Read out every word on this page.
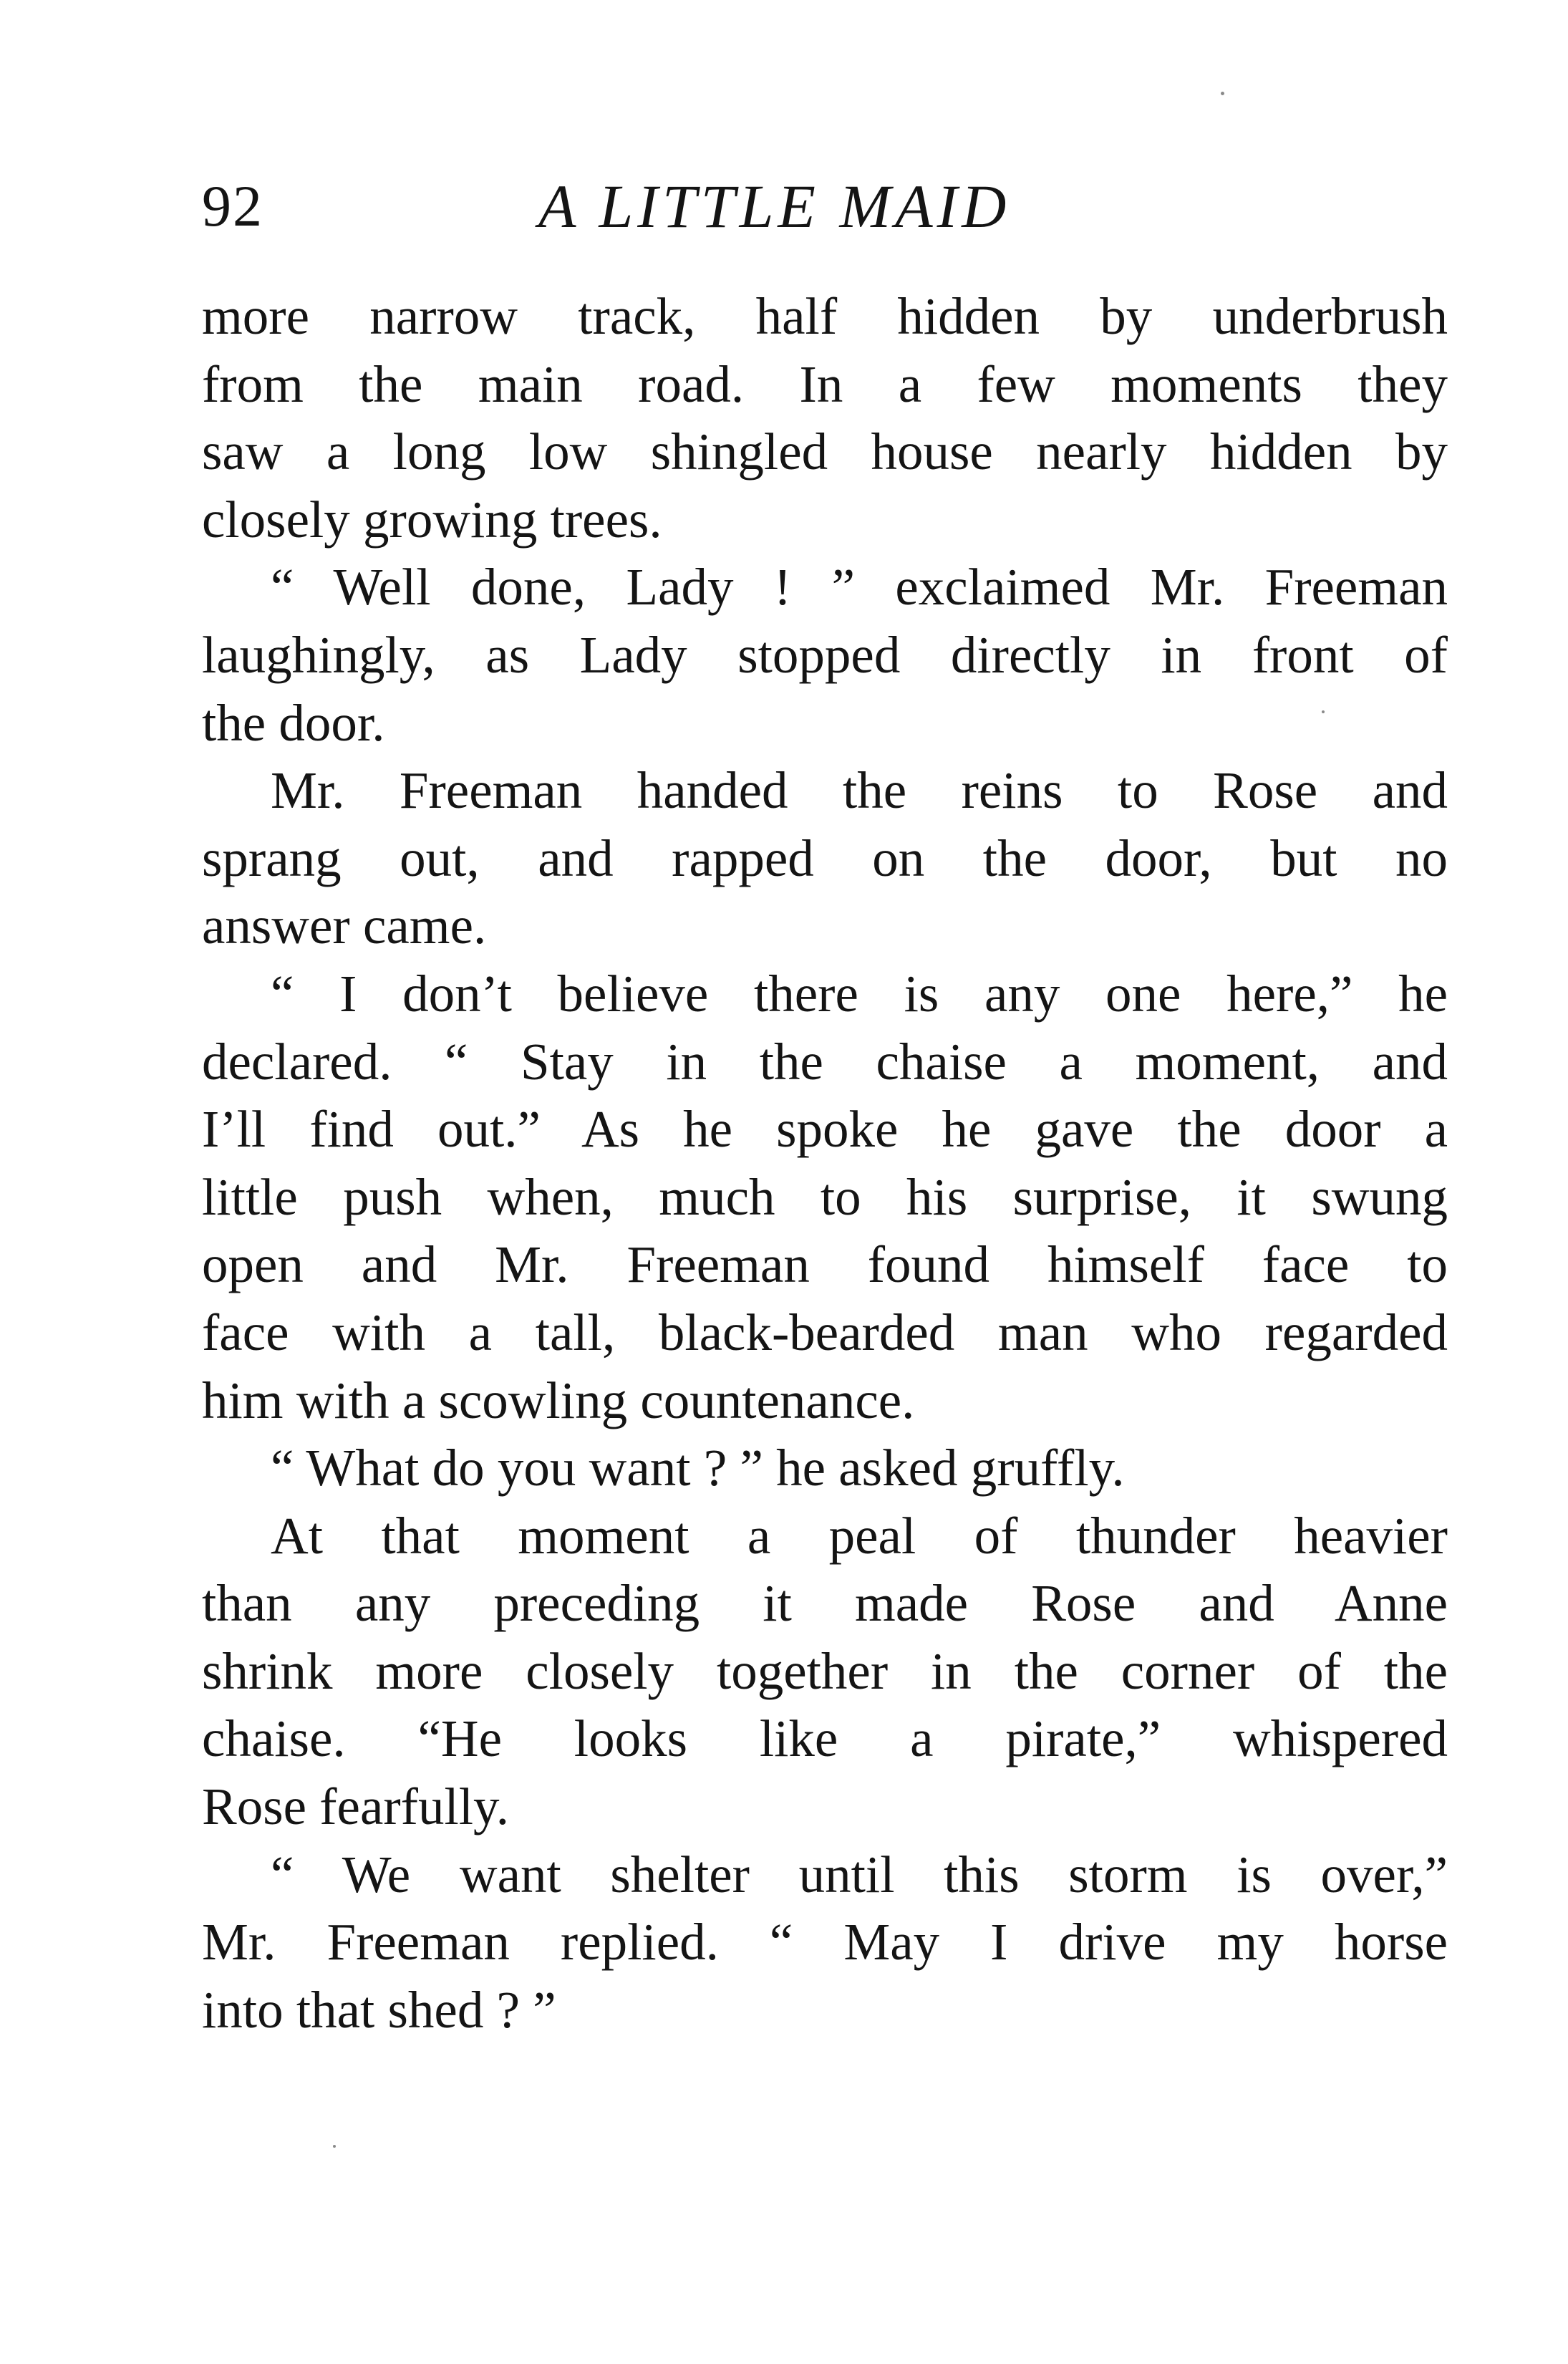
92	A LITTLE MAID
more narrow track, half hidden by underbrush
from the main road. In a few moments they
saw a long low shingled house nearly hidden by
closely growing trees.
“ Well done, Lady ! ” exclaimed Mr. Freeman
laughingly, as Lady stopped directly in front of
the door.
Mr. Freeman handed the reins to Rose and
sprang out, and rapped on the door, but no
answer came.
“ I don’t believe there is any one here,” he
declared. “ Stay in the chaise a moment, and
I’ll find out.” As he spoke he gave the door a
little push when, much to his surprise, it swung
open and Mr. Freeman found himself face to
face with a tall, black-bearded man who regarded
him with a scowling countenance.
“ What do you want ? ” he asked gruffly.
At that moment a peal of thunder heavier
than any preceding it made Rose and Anne
shrink more closely together in the corner of the
chaise. “He looks like a pirate,” whispered
Rose fearfully.
“ We want shelter until this storm is over,”
Mr. Freeman replied. “ May I drive my horse
into that shed ? ”
